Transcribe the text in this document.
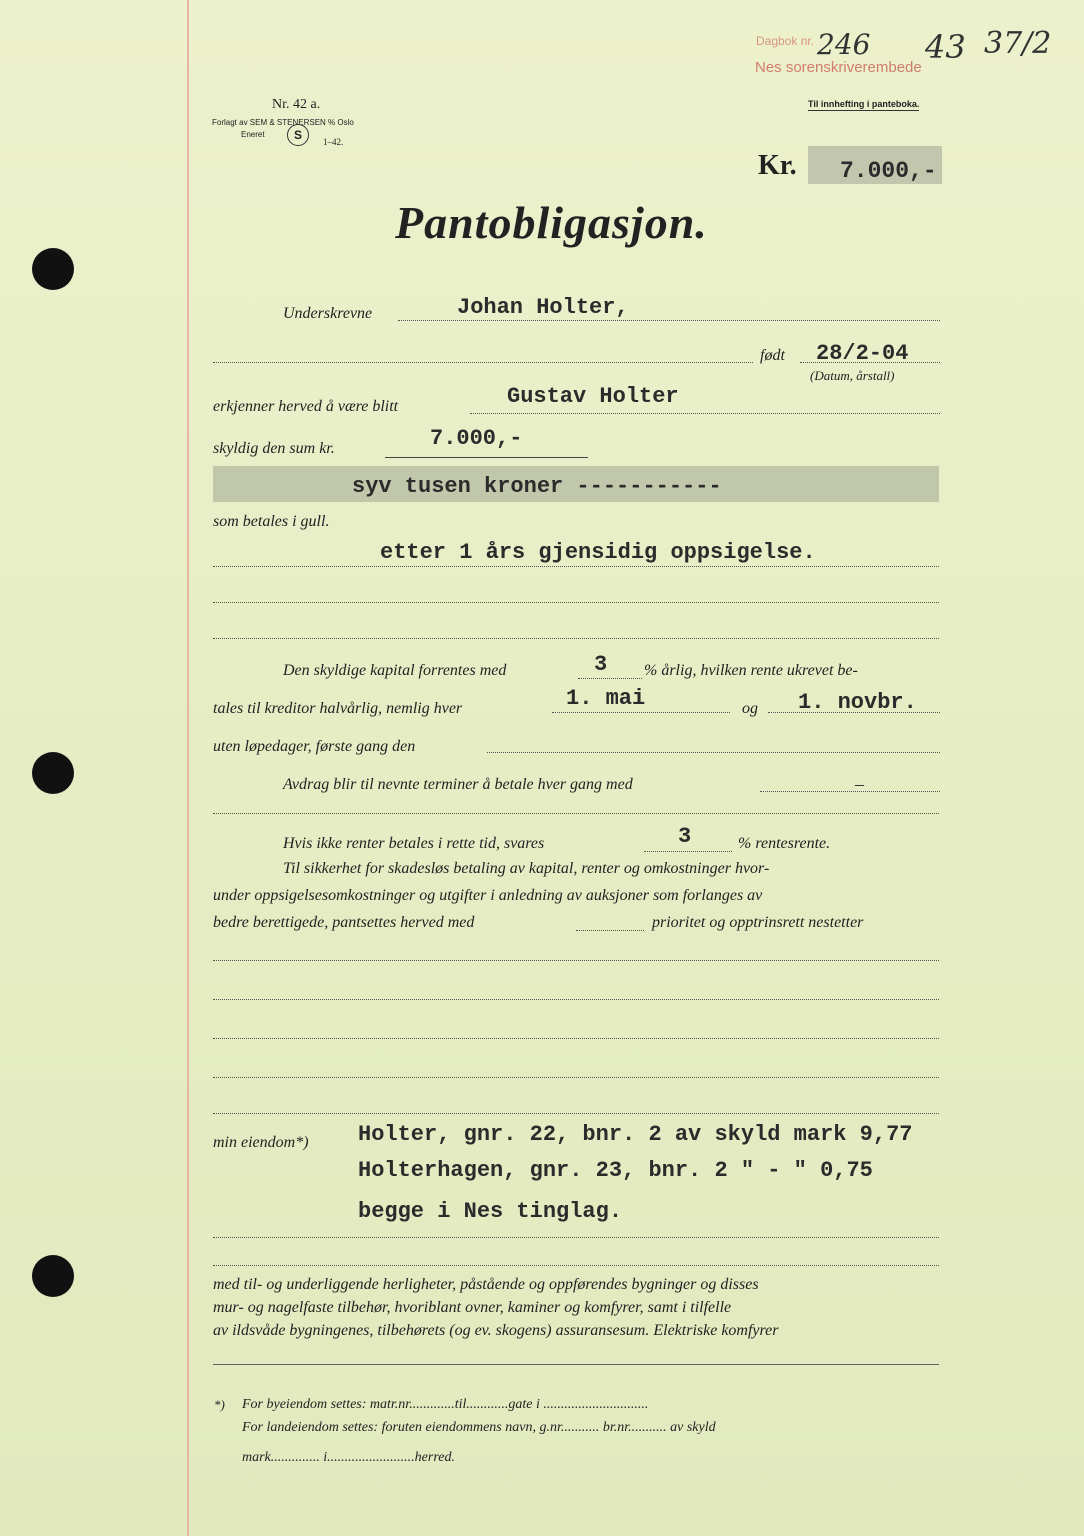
Nr. 42 a.
Forlagt av SEM & STENERSEN % Oslo
Eneret	S	1–42.
Til innhefting i panteboka.
Dagbok nr.
Nes sorenskriverembede
246 43 37/2
Kr. 7.000,-
Pantobligasjon.
Underskrevne	Johan Holter,
født 28/2-04
(Datum, årstall)
erkjenner herved å være blitt	Gustav Holter
skyldig den sum kr.	7.000,-
syv tusen kroner -----------
som betales i gull.
etter 1 års gjensidig oppsigelse.
Den skyldige kapital forrentes med	3 % årlig, hvilken rente ukrevet be-
tales til kreditor halvårlig, nemlig hver	1. mai	og 1. novbr.
uten løpedager, første gang den
Avdrag blir til nevnte terminer å betale hver gang med	–
Hvis ikke renter betales i rette tid, svares	3	% rentesrente.
Til sikkerhet for skadesløs betaling av kapital, renter og omkostninger hvor-
under oppsigelsesomkostninger og utgifter i anledning av auksjoner som forlanges av
bedre berettigede, pantsettes herved med	prioritet og opptrinsrett nestetter
min eiendom*) Holter, gnr. 22, bnr. 2 av skyld mark 9,77
Holterhagen, gnr. 23, bnr. 2 " - " 0,75
begge i Nes tinglag.
med til- og underliggende herligheter, påstående og oppførendes bygninger og disses
mur- og nagelfaste tilbehør, hvoriblant ovner, kaminer og komfyrer, samt i tilfelle
av ildsvåde bygningenes, tilbehørets (og ev. skogens) assuransesum. Elektriske komfyrer
*) For byeiendom settes: matr.nr.............til............gate i ..............................
For landeiendom settes: foruten eiendommens navn, g.nr........... br.nr........... av skyld
mark.............. i.........................herred.
